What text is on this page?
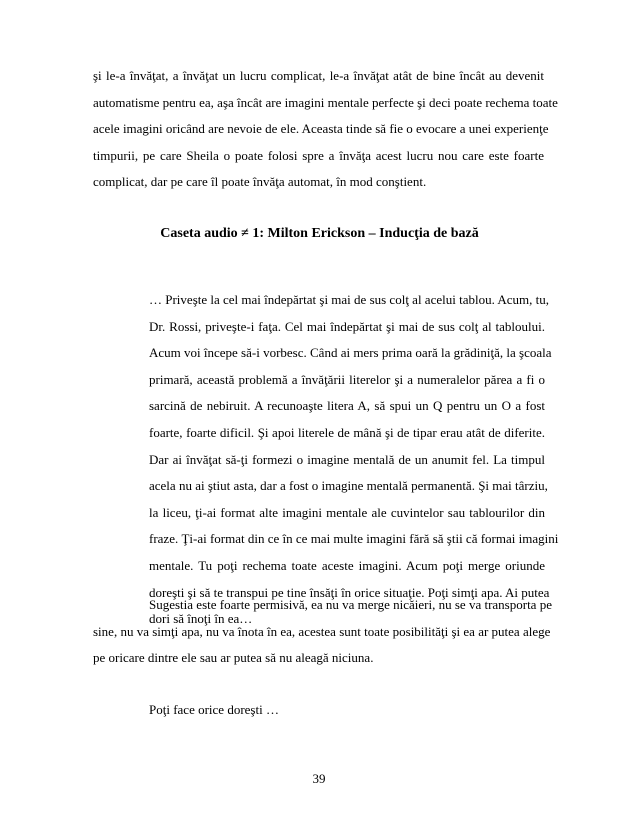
şi le-a învăţat, a învăţat un lucru complicat, le-a învăţat atât de bine încât au devenit
automatisme pentru ea, aşa încât are imagini mentale perfecte şi deci poate rechema toate
acele imagini oricând are nevoie de ele. Aceasta tinde să fie o evocare a unei experienţe
timpurii, pe care Sheila o poate folosi spre a învăţa acest lucru nou care este foarte
complicat, dar pe care îl poate învăţa automat, în mod conştient.
Caseta audio ≠ 1: Milton Erickson – Inducţia de bază
… Priveşte la cel mai îndepărtat şi mai de sus colţ al acelui tablou. Acum, tu,
Dr. Rossi, priveşte-i faţa. Cel mai îndepărtat şi mai de sus colţ al tabloului.
Acum voi începe să-i vorbesc. Când ai mers prima oară la grădiniţă, la şcoala
primară, această problemă a învăţării literelor şi a numeralelor părea a fi o
sarcină de nebiruit. A recunoaşte litera A, să spui un Q pentru un O a fost
foarte, foarte dificil. Şi apoi literele de mână şi de tipar erau atât de diferite.
Dar ai învăţat să-ţi formezi o imagine mentală de un anumit fel. La timpul
acela nu ai ştiut asta, dar a fost o imagine mentală permanentă. Şi mai târziu,
la liceu, ţi-ai format alte imagini mentale ale cuvintelor sau tablourilor din
fraze. Ţi-ai format din ce în ce mai multe imagini fără să ştii că formai imagini
mentale. Tu poţi rechema toate aceste imagini. Acum poţi merge oriunde
doreşti şi să te transpui pe tine însăţi în orice situaţie. Poţi simţi apa. Ai putea
dori să înoţi în ea…
Sugestia este foarte permisivă, ea nu va merge nicăieri, nu se va transporta pe
sine, nu va simţi apa, nu va înota în ea, acestea sunt toate posibilităţi şi ea ar putea alege
pe oricare dintre ele sau ar putea să nu aleagă niciuna.
Poţi face orice doreşti …
39
